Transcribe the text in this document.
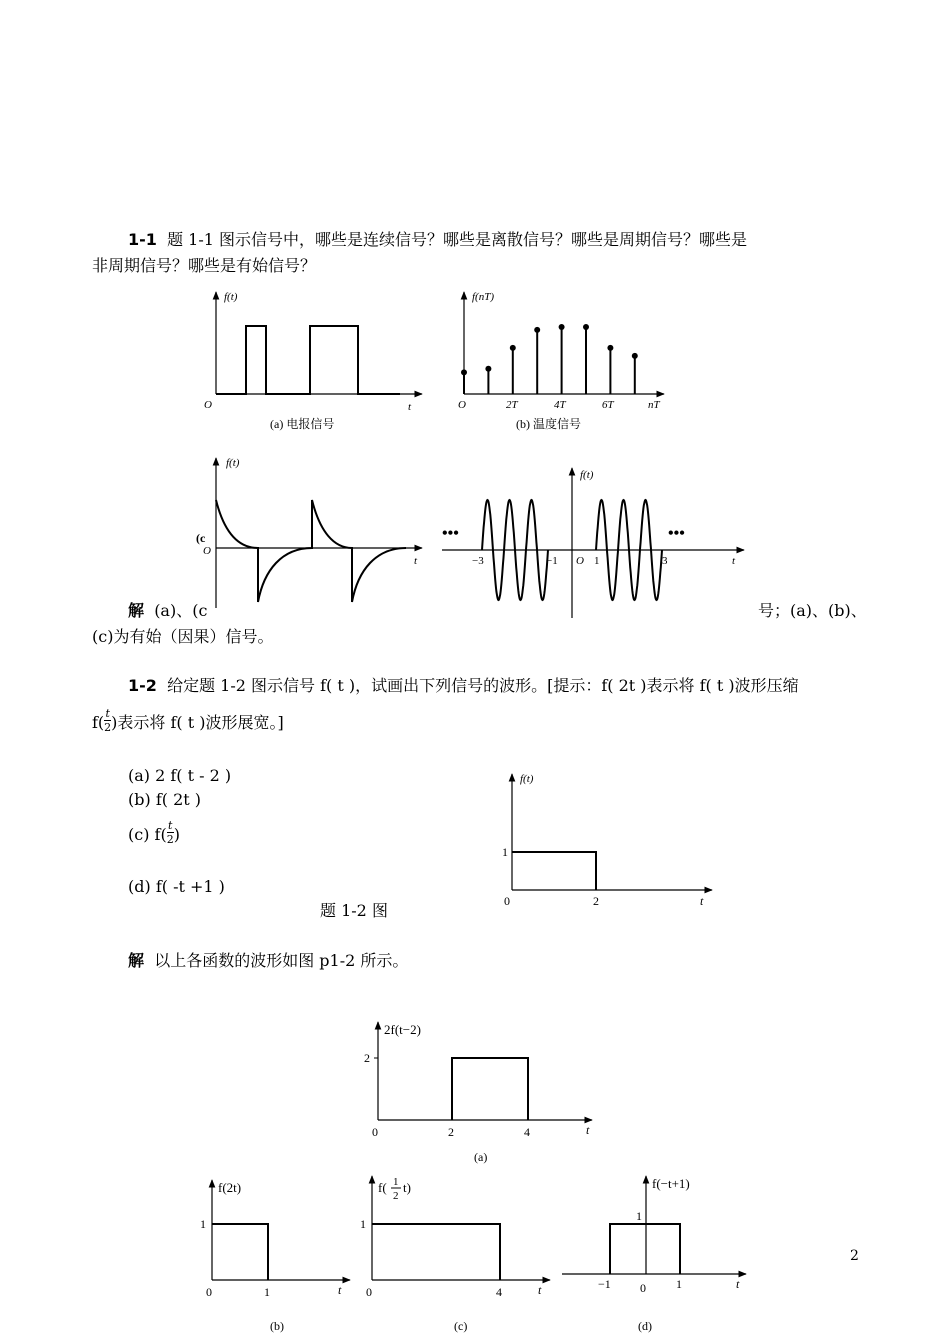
1-1 题 1-1 图示信号中，哪些是连续信号？哪些是离散信号？哪些是周期信号？哪些是
非周期信号？哪些是有始信号？
f(t)
O	t
(a) 电报信号
f(nT)
O	2T	4T	6T	nT
(b) 温度信号
f(t)
O
(c
t
•••	•••
f(t)
−3	−1 O 1	3	t
解 (a)、(c	号；(a)、(b)、
(c)为有始（因果）信号。
1-2 给定题 1-2 图示信号 f( t )，试画出下列信号的波形。[提示：f( 2t )表示将 f( t )波形压缩
$f( \frac{t}{2}$ )表示将 f( t )波形展宽。]
(a) 2 f( t - 2 )
(b) f( 2t )
(c) $f( \frac{t}{2}$ )
(d) f( -t +1 )
题 1-2 图
f(t)
1
0	2	t
解 以上各函数的波形如图 p1-2 所示。
2f(t−2)
2
0	2	4	t
(a)
f(2t)
1
0	1	t
(b)
f( 1
2
t)
1
0	4	t
(c)
f(−t+1)
1
−1 0	1	t
(d)
2
